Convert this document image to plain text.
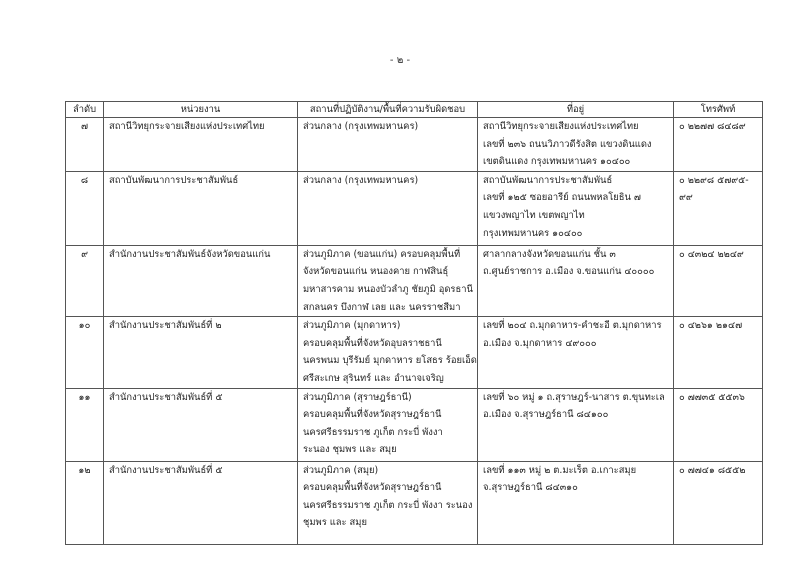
- ๒ -
ลำดับ	หน่วยงาน	สถานที่ปฏิบัติงาน/พื้นที่ความรับผิดชอบ	ที่อยู่	โทรศัพท์
๗	สถานีวิทยุกระจายเสียงแห่งประเทศไทย	ส่วนกลาง (กรุงเทพมหานคร)	สถานีวิทยุกระจายเสียงแห่งประเทศไทย
เลขที่ ๒๓๖ ถนนวิภาวดีรังสิต แขวงดินแดง
เขตดินแดง กรุงเทพมหานคร ๑๐๔๐๐	๐ ๒๒๗๗ ๘๔๘๙

๘	สถาบันพัฒนาการประชาสัมพันธ์	ส่วนกลาง (กรุงเทพมหานคร)	สถาบันพัฒนาการประชาสัมพันธ์
เลขที่ ๑๒๕ ซอยอารีย์ ถนนพหลโยธิน ๗
แขวงพญาไท เขตพญาไท
กรุงเทพมหานคร ๑๐๔๐๐	๐ ๒๒๙๘ ๕๗๙๕-
๙๙

๙	สำนักงานประชาสัมพันธ์จังหวัดขอนแก่น	ส่วนภูมิภาค (ขอนแก่น) ครอบคลุมพื้นที่
จังหวัดขอนแก่น หนองคาย กาฬสินธุ์
มหาสารคาม หนองบัวลำภู ชัยภูมิ อุดรธานี
สกลนคร บึงกาฬ เลย และ นครราชสีมา	ศาลากลางจังหวัดขอนแก่น ชั้น ๓
ถ.ศูนย์ราชการ อ.เมือง จ.ขอนแก่น ๔๐๐๐๐	๐ ๔๓๒๔ ๒๒๔๙

๑๐	สำนักงานประชาสัมพันธ์ที่ ๒	ส่วนภูมิภาค (มุกดาหาร)
ครอบคลุมพื้นที่จังหวัดอุบลราชธานี
นครพนม บุรีรัมย์ มุกดาหาร ยโสธร ร้อยเอ็ด
ศรีสะเกษ สุรินทร์ และ อำนาจเจริญ	เลขที่ ๒๐๔ ถ.มุกดาหาร-คำชะอี ต.มุกดาหาร
อ.เมือง จ.มุกดาหาร ๔๙๐๐๐	๐ ๔๒๖๑ ๒๑๔๗

๑๑	สำนักงานประชาสัมพันธ์ที่ ๕	ส่วนภูมิภาค (สุราษฎร์ธานี)
ครอบคลุมพื้นที่จังหวัดสุราษฎร์ธานี
นครศรีธรรมราช ภูเก็ต กระบี่ พังงา
ระนอง ชุมพร และ สมุย	เลขที่ ๖๐ หมู่ ๑ ถ.สุราษฎร์-นาสาร ต.ขุนทะเล
อ.เมือง จ.สุราษฎร์ธานี ๘๔๑๐๐	๐ ๗๗๓๕ ๕๕๓๖

๑๒	สำนักงานประชาสัมพันธ์ที่ ๕	ส่วนภูมิภาค (สมุย)
ครอบคลุมพื้นที่จังหวัดสุราษฎร์ธานี
นครศรีธรรมราช ภูเก็ต กระบี่ พังงา ระนอง
ชุมพร และ สมุย	เลขที่ ๑๑๓ หมู่ ๒ ต.มะเร็ต อ.เกาะสมุย
จ.สุราษฎร์ธานี ๘๔๓๑๐	๐ ๗๗๔๑ ๘๕๕๒
